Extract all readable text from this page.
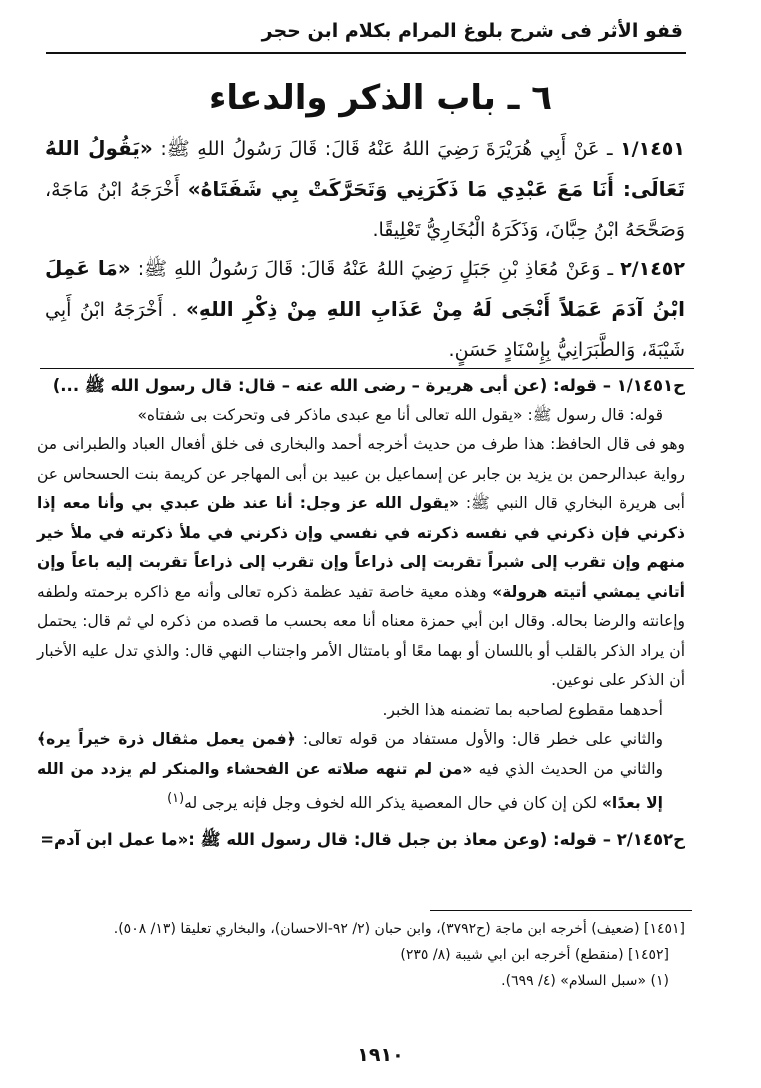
قفو الأثر فى شرح بلوغ المرام بكلام ابن حجر
٦ ـ باب الذكر والدعاء
١/١٤٥١ ـ عَنْ أَبِي هُرَيْرَةَ رَضِيَ اللهُ عَنْهُ قَالَ: قَالَ رَسُولُ اللهِ ﷺ: «يَقُولُ اللهُ تَعَالَى: أَنَا مَعَ عَبْدِي مَا ذَكَرَنِي وَتَحَرَّكَتْ بِي شَفَتَاهُ» أَخْرَجَهُ ابْنُ مَاجَهْ، وَصَحَّحَهُ ابْنُ حِبَّانَ، وَذَكَرَهُ الْبُخَارِيُّ تَعْلِيقًا.
٢/١٤٥٢ ـ وَعَنْ مُعَاذِ بْنِ جَبَلٍ رَضِيَ اللهُ عَنْهُ قَالَ: قَالَ رَسُولُ اللهِ ﷺ: «مَا عَمِلَ ابْنُ آدَمَ عَمَلاً أَنْجَى لَهُ مِنْ عَذَابِ اللهِ مِنْ ذِكْرِ اللهِ» . أَخْرَجَهُ ابْنُ أَبِي شَيْبَةَ، وَالطَّبَرَانِيُّ بِإِسْنَادٍ حَسَنٍ.

ح١/١٤٥١ – قوله: (عن أبى هريرة – رضى الله عنه – قال: قال رسول الله ﷺ ...)

قوله: قال رسول ﷺ: «يقول الله تعالى أنا مع عبدى ماذكر فى وتحركت بى شفتاه»

وهو فى قال الحافظ: هذا طرف من حديث أخرجه أحمد والبخارى فى خلق أفعال العباد والطبرانى من رواية عبدالرحمن بن يزيد بن جابر عن إسماعيل بن عبيد بن أبى المهاجر عن كريمة بنت الحسحاس عن أبى هريرة البخاري قال النبي ﷺ: «يقول الله عز وجل: أنا عند ظن عبدي بي وأنا معه إذا ذكرني فإن ذكرني في نفسه ذكرته في نفسي وإن ذكرني في ملأ ذكرته في ملأ خير منهم وإن تقرب إلى شبراً تقربت إلى ذراعاً وإن تقرب إلى ذراعاً تقربت إليه باعاً وإن أتاني يمشي أتيته هرولة» وهذه معية خاصة تفيد عظمة ذكره تعالى وأنه مع ذاكره برحمته ولطفه وإعانته والرضا بحاله. وقال ابن أبي حمزة معناه أنا معه بحسب ما قصده من ذكره لي ثم قال: يحتمل أن يراد الذكر بالقلب أو باللسان أو بهما معًا أو بامتثال الأمر واجتناب النهي قال: والذي تدل عليه الأخبار أن الذكر على نوعين.

أحدهما مقطوع لصاحبه بما تضمنه هذا الخبر.

والثاني على خطر قال: والأول مستفاد من قوله تعالى: ﴿فمن يعمل مثقال ذرة خيراً يره﴾ والثاني من الحديث الذي فيه «من لم تنهه صلاته عن الفحشاء والمنكر لم يزدد من الله إلا بعدًا» لكن إن كان في حال المعصية يذكر الله لخوف وجل فإنه يرجى له$^{(١)}$

ح٢/١٤٥٢ – قوله: (وعن معاذ بن جبل قال: قال رسول الله ﷺ :«ما عمل ابن آدم=

[١٤٥١] (ضعيف) أخرجه ابن ماجة (ح٣٧٩٢)، وابن حبان (٢/ ٩٢-الاحسان)، والبخاري تعليقا (١٣/ ٥٠٨).

[١٤٥٢] (منقطع) أخرجه ابن ابي شيبة (٨/ ٢٣٥)

(١) «سبل السلام» (٤/ ٦٩٩).

١٩١٠
